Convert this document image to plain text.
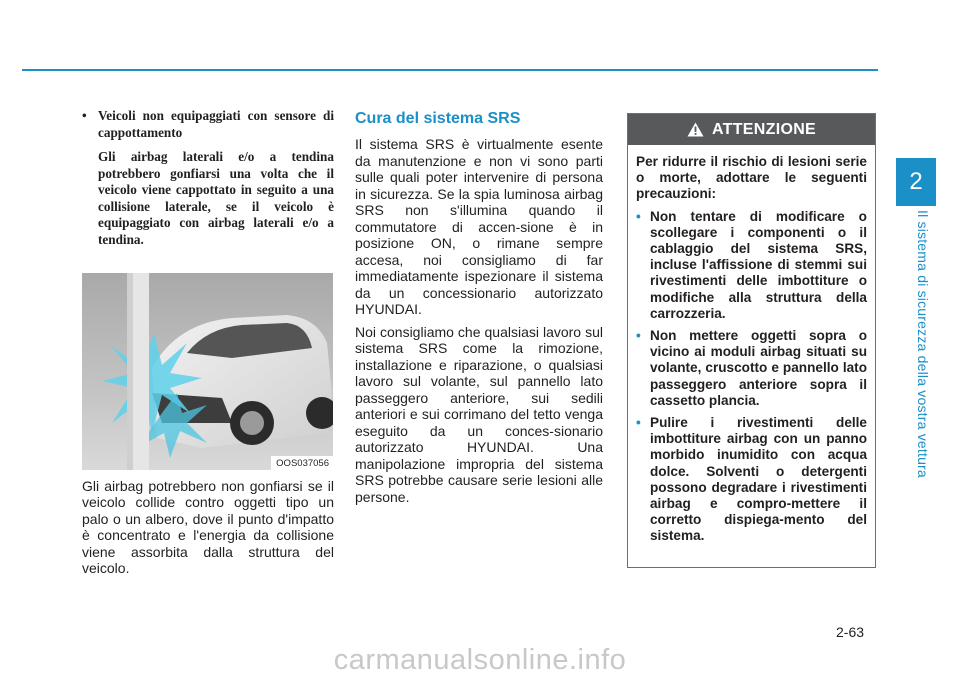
• Veicoli non equipaggiati con sensore di cappottamento

Gli airbag laterali e/o a tendina potrebbero gonfiarsi una volta che il veicolo viene cappottato in seguito a una collisione laterale, se il veicolo è equipaggiato con airbag laterali e/o a tendina.

OOS037056

Gli airbag potrebbero non gonfiarsi se il veicolo collide contro oggetti tipo un palo o un albero, dove il punto d'impatto è concentrato e l'energia da collisione viene assorbita dalla struttura del veicolo.

Cura del sistema SRS

Il sistema SRS è virtualmente esente da manutenzione e non vi sono parti sulle quali poter intervenire di persona in sicurezza. Se la spia luminosa airbag SRS non s'illumina quando il commutatore di accen-sione è in posizione ON, o rimane sempre accesa, noi consigliamo di far immediatamente ispezionare il sistema da un concessionario autorizzato HYUNDAI.

Noi consigliamo che qualsiasi lavoro sul sistema SRS come la rimozione, installazione e riparazione, o qualsiasi lavoro sul volante, sul pannello lato passeggero anteriore, sui sedili anteriori e sui corrimano del tetto venga eseguito da un conces-sionario autorizzato HYUNDAI. Una manipolazione impropria del sistema SRS potrebbe causare serie lesioni alle persone.

ATTENZIONE

Per ridurre il rischio di lesioni serie o morte, adottare le seguenti precauzioni:

• Non tentare di modificare o scollegare i componenti o il cablaggio del sistema SRS, incluse l'affissione di stemmi sui rivestimenti delle imbottiture o modifiche alla struttura della carrozzeria.
• Non mettere oggetti sopra o vicino ai moduli airbag situati su volante, cruscotto e pannello lato passeggero anteriore sopra il cassetto plancia.
• Pulire i rivestimenti delle imbottiture airbag con un panno morbido inumidito con acqua dolce. Solventi o detergenti possono degradare i rivestimenti airbag e compro-mettere il corretto dispiega-mento del sistema.
2
Il sistema di sicurezza della vostra vettura
2-63
carmanualsonline.info
